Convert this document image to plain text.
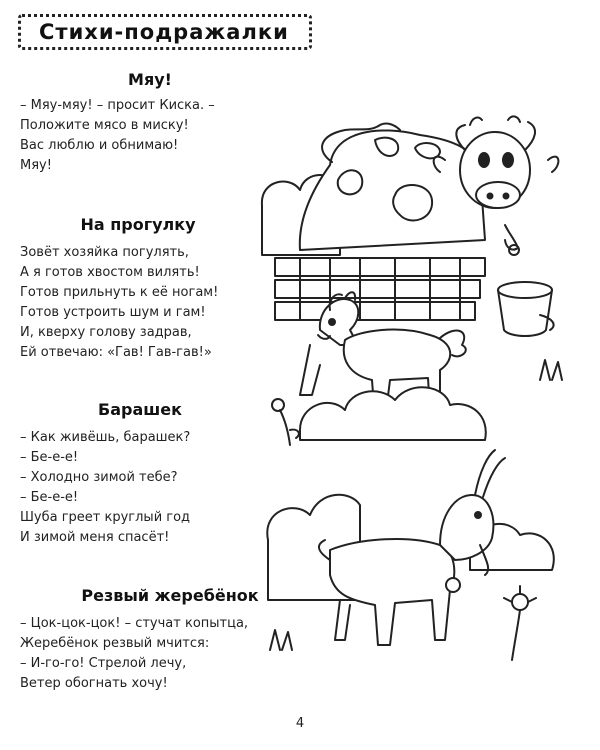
Стихи-подражалки
Мяу!
– Мяу-мяу! – просит Киска. –
Положите мясо в миску!
Вас люблю и обнимаю!
Мяу!
На прогулку
Зовёт хозяйка погулять,
А я готов хвостом вилять!
Готов прильнуть к её ногам!
Готов устроить шум и гам!
И, кверху голову задрав,
Ей отвечаю: «Гав! Гав-гав!»
Барашек
– Как живёшь, барашек?
– Бе-е-е!
– Холодно зимой тебе?
– Бе-е-е!
Шуба греет круглый год
И зимой меня спасёт!
Резвый жеребёнок
– Цок-цок-цок! – стучат копытца,
Жеребёнок резвый мчится:
– И-го-го! Стрелой лечу,
Ветер обогнать хочу!
4
